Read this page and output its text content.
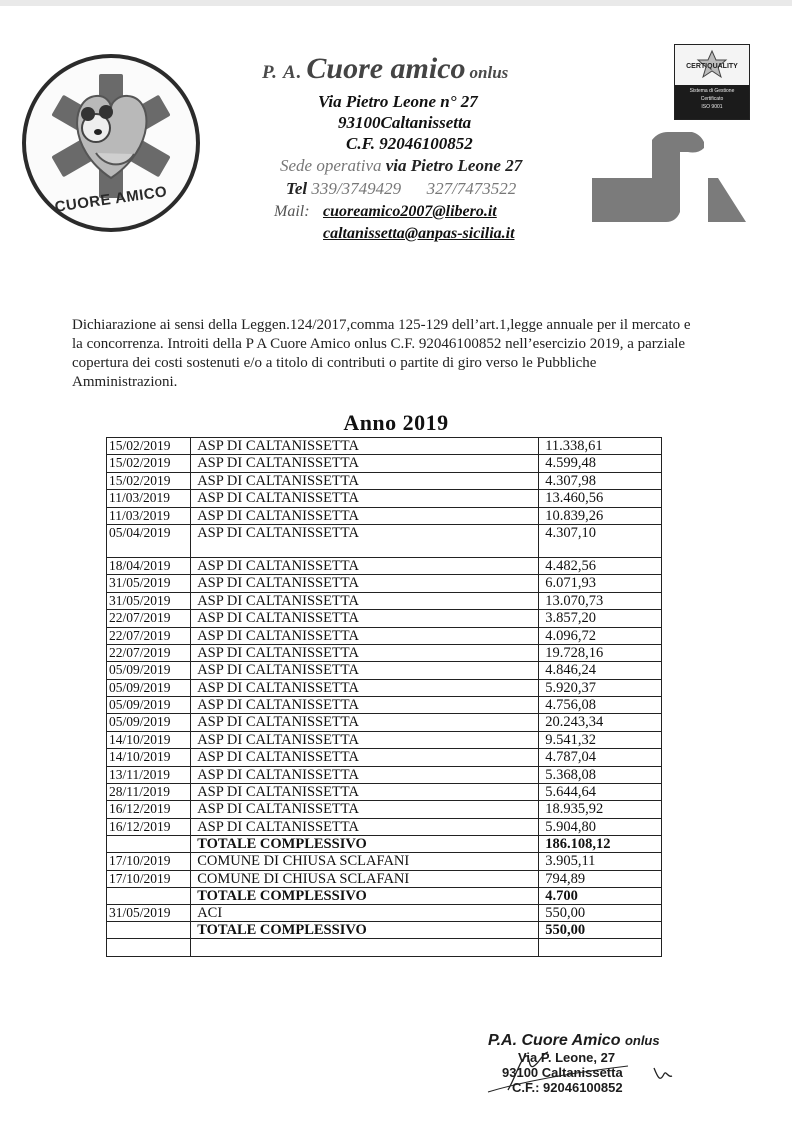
CUORE AMICO
P. A. Cuore amico onlus
Via Pietro Leone n° 27
93100Caltanissetta
C.F. 92046100852
Sede operativa via Pietro Leone 27
Tel 339/3749429      327/7473522
Mail: cuoreamico2007@libero.it
caltanissetta@anpas-sicilia.it
CERTIQUALITY
Sistema di Gestione
Certificato
ISO 9001
Dichiarazione ai sensi della Leggen.124/2017,comma 125-129 dell’art.1,legge annuale per il mercato e la concorrenza. Introiti della P A Cuore Amico onlus C.F. 92046100852 nell’esercizio 2019, a parziale copertura dei costi sostenuti e/o a titolo di contributi o partite di giro verso le Pubbliche Amministrazioni.
Anno 2019
15/02/2019	ASP DI CALTANISSETTA	11.338,61
15/02/2019	ASP DI CALTANISSETTA	4.599,48
15/02/2019	ASP DI CALTANISSETTA	4.307,98
11/03/2019	ASP DI CALTANISSETTA	13.460,56
11/03/2019	ASP DI CALTANISSETTA	10.839,26
05/04/2019	ASP DI CALTANISSETTA	4.307,10
18/04/2019	ASP DI CALTANISSETTA	4.482,56
31/05/2019	ASP DI CALTANISSETTA	6.071,93
31/05/2019	ASP DI CALTANISSETTA	13.070,73
22/07/2019	ASP DI CALTANISSETTA	3.857,20
22/07/2019	ASP DI CALTANISSETTA	4.096,72
22/07/2019	ASP DI CALTANISSETTA	19.728,16
05/09/2019	ASP DI CALTANISSETTA	4.846,24
05/09/2019	ASP DI CALTANISSETTA	5.920,37
05/09/2019	ASP DI CALTANISSETTA	4.756,08
05/09/2019	ASP DI CALTANISSETTA	20.243,34
14/10/2019	ASP DI CALTANISSETTA	9.541,32
14/10/2019	ASP DI CALTANISSETTA	4.787,04
13/11/2019	ASP DI CALTANISSETTA	5.368,08
28/11/2019	ASP DI CALTANISSETTA	5.644,64
16/12/2019	ASP DI CALTANISSETTA	18.935,92
16/12/2019	ASP DI CALTANISSETTA	5.904,80
	TOTALE COMPLESSIVO	186.108,12
17/10/2019	COMUNE DI CHIUSA SCLAFANI	3.905,11
17/10/2019	COMUNE DI CHIUSA SCLAFANI	794,89
	TOTALE COMPLESSIVO	4.700
31/05/2019	ACI	550,00
	TOTALE COMPLESSIVO	550,00

P.A. Cuore Amico onlus
Via P. Leone, 27
93100 Caltanissetta
C.F.: 92046100852
